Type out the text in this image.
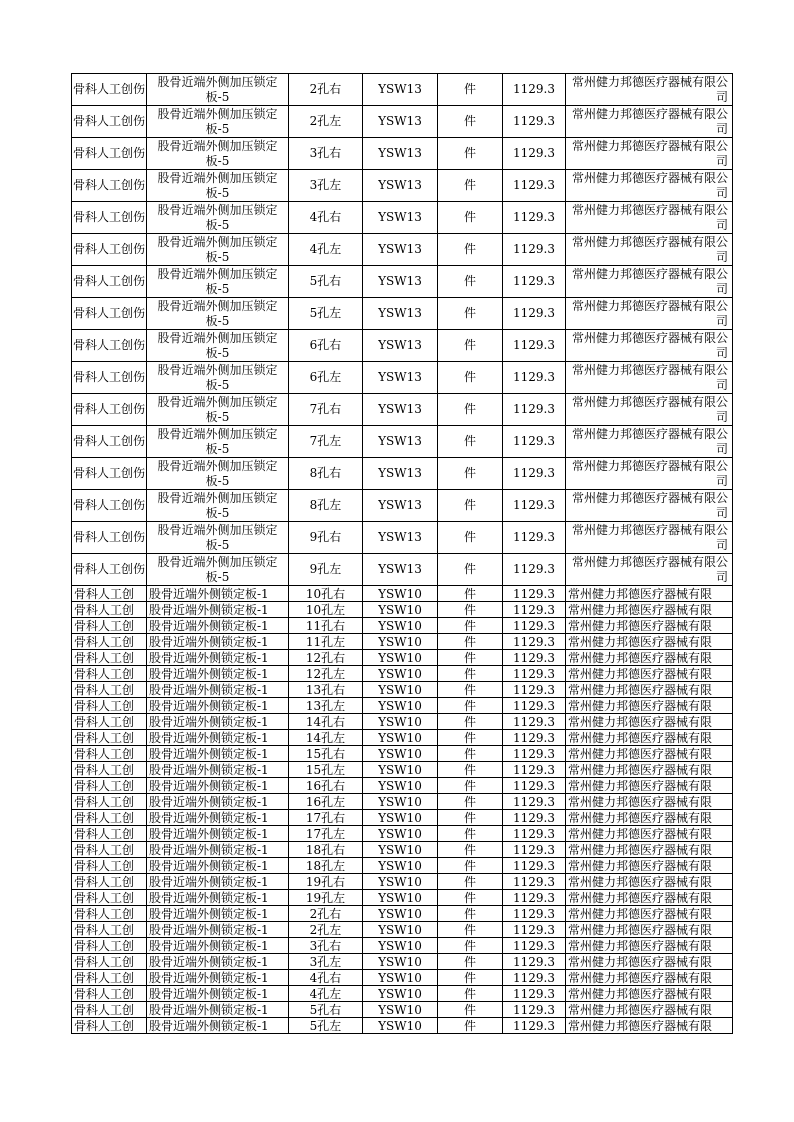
骨科人工创伤	股骨近端外侧加压锁定板-5	2孔右	YSW13	件	1129.3	常州健力邦德医疗器械有限公司
骨科人工创伤	股骨近端外侧加压锁定板-5	2孔左	YSW13	件	1129.3	常州健力邦德医疗器械有限公司
骨科人工创伤	股骨近端外侧加压锁定板-5	3孔右	YSW13	件	1129.3	常州健力邦德医疗器械有限公司
骨科人工创伤	股骨近端外侧加压锁定板-5	3孔左	YSW13	件	1129.3	常州健力邦德医疗器械有限公司
骨科人工创伤	股骨近端外侧加压锁定板-5	4孔右	YSW13	件	1129.3	常州健力邦德医疗器械有限公司
骨科人工创伤	股骨近端外侧加压锁定板-5	4孔左	YSW13	件	1129.3	常州健力邦德医疗器械有限公司
骨科人工创伤	股骨近端外侧加压锁定板-5	5孔右	YSW13	件	1129.3	常州健力邦德医疗器械有限公司
骨科人工创伤	股骨近端外侧加压锁定板-5	5孔左	YSW13	件	1129.3	常州健力邦德医疗器械有限公司
骨科人工创伤	股骨近端外侧加压锁定板-5	6孔右	YSW13	件	1129.3	常州健力邦德医疗器械有限公司
骨科人工创伤	股骨近端外侧加压锁定板-5	6孔左	YSW13	件	1129.3	常州健力邦德医疗器械有限公司
骨科人工创伤	股骨近端外侧加压锁定板-5	7孔右	YSW13	件	1129.3	常州健力邦德医疗器械有限公司
骨科人工创伤	股骨近端外侧加压锁定板-5	7孔左	YSW13	件	1129.3	常州健力邦德医疗器械有限公司
骨科人工创伤	股骨近端外侧加压锁定板-5	8孔右	YSW13	件	1129.3	常州健力邦德医疗器械有限公司
骨科人工创伤	股骨近端外侧加压锁定板-5	8孔左	YSW13	件	1129.3	常州健力邦德医疗器械有限公司
骨科人工创伤	股骨近端外侧加压锁定板-5	9孔右	YSW13	件	1129.3	常州健力邦德医疗器械有限公司
骨科人工创伤	股骨近端外侧加压锁定板-5	9孔左	YSW13	件	1129.3	常州健力邦德医疗器械有限公司
骨科人工创	股骨近端外侧锁定板-1	10孔右	YSW10	件	1129.3	常州健力邦德医疗器械有限
骨科人工创	股骨近端外侧锁定板-1	10孔左	YSW10	件	1129.3	常州健力邦德医疗器械有限
骨科人工创	股骨近端外侧锁定板-1	11孔右	YSW10	件	1129.3	常州健力邦德医疗器械有限
骨科人工创	股骨近端外侧锁定板-1	11孔左	YSW10	件	1129.3	常州健力邦德医疗器械有限
骨科人工创	股骨近端外侧锁定板-1	12孔右	YSW10	件	1129.3	常州健力邦德医疗器械有限
骨科人工创	股骨近端外侧锁定板-1	12孔左	YSW10	件	1129.3	常州健力邦德医疗器械有限
骨科人工创	股骨近端外侧锁定板-1	13孔右	YSW10	件	1129.3	常州健力邦德医疗器械有限
骨科人工创	股骨近端外侧锁定板-1	13孔左	YSW10	件	1129.3	常州健力邦德医疗器械有限
骨科人工创	股骨近端外侧锁定板-1	14孔右	YSW10	件	1129.3	常州健力邦德医疗器械有限
骨科人工创	股骨近端外侧锁定板-1	14孔左	YSW10	件	1129.3	常州健力邦德医疗器械有限
骨科人工创	股骨近端外侧锁定板-1	15孔右	YSW10	件	1129.3	常州健力邦德医疗器械有限
骨科人工创	股骨近端外侧锁定板-1	15孔左	YSW10	件	1129.3	常州健力邦德医疗器械有限
骨科人工创	股骨近端外侧锁定板-1	16孔右	YSW10	件	1129.3	常州健力邦德医疗器械有限
骨科人工创	股骨近端外侧锁定板-1	16孔左	YSW10	件	1129.3	常州健力邦德医疗器械有限
骨科人工创	股骨近端外侧锁定板-1	17孔右	YSW10	件	1129.3	常州健力邦德医疗器械有限
骨科人工创	股骨近端外侧锁定板-1	17孔左	YSW10	件	1129.3	常州健力邦德医疗器械有限
骨科人工创	股骨近端外侧锁定板-1	18孔右	YSW10	件	1129.3	常州健力邦德医疗器械有限
骨科人工创	股骨近端外侧锁定板-1	18孔左	YSW10	件	1129.3	常州健力邦德医疗器械有限
骨科人工创	股骨近端外侧锁定板-1	19孔右	YSW10	件	1129.3	常州健力邦德医疗器械有限
骨科人工创	股骨近端外侧锁定板-1	19孔左	YSW10	件	1129.3	常州健力邦德医疗器械有限
骨科人工创	股骨近端外侧锁定板-1	2孔右	YSW10	件	1129.3	常州健力邦德医疗器械有限
骨科人工创	股骨近端外侧锁定板-1	2孔左	YSW10	件	1129.3	常州健力邦德医疗器械有限
骨科人工创	股骨近端外侧锁定板-1	3孔右	YSW10	件	1129.3	常州健力邦德医疗器械有限
骨科人工创	股骨近端外侧锁定板-1	3孔左	YSW10	件	1129.3	常州健力邦德医疗器械有限
骨科人工创	股骨近端外侧锁定板-1	4孔右	YSW10	件	1129.3	常州健力邦德医疗器械有限
骨科人工创	股骨近端外侧锁定板-1	4孔左	YSW10	件	1129.3	常州健力邦德医疗器械有限
骨科人工创	股骨近端外侧锁定板-1	5孔右	YSW10	件	1129.3	常州健力邦德医疗器械有限
骨科人工创	股骨近端外侧锁定板-1	5孔左	YSW10	件	1129.3	常州健力邦德医疗器械有限
